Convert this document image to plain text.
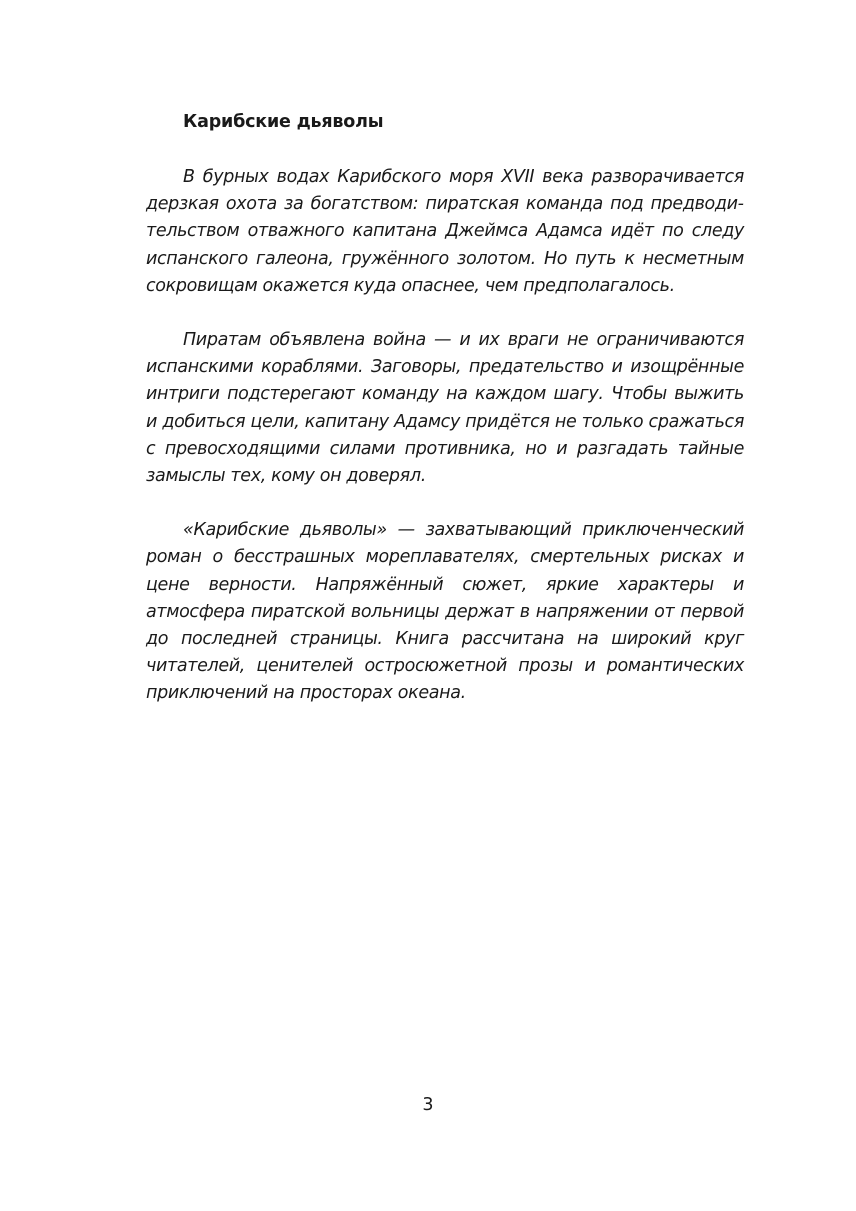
Карибские дьяволы

В бурных водах Карибского моря XVII века разворачивается дерзкая охота за богатством: пиратская команда под предводительством отважного капитана Джеймса Адамса идёт по следу испанского галеона, гружённого золотом. Но путь к несметным сокровищам окажется куда опаснее, чем предполагалось.

Пиратам объявлена война — и их враги не ограничиваются испанскими кораблями. Заговоры, предательство и изощрённые интриги подстерегают команду на каждом шагу. Чтобы выжить и добиться цели, капитану Адамсу придётся не только сражаться с превосходящими силами противника, но и разгадать тайные замыслы тех, кому он доверял.

«Карибские дьяволы» — захватывающий приключенческий роман о бесстрашных мореплавателях, смертельных рисках и цене верности. Напряжённый сюжет, яркие характеры и атмосфера пиратской вольницы держат в напряжении от первой до последней страницы. Книга рассчитана на широкий круг читателей, ценителей остросюжетной прозы и романтических приключений на просторах океана.

3
